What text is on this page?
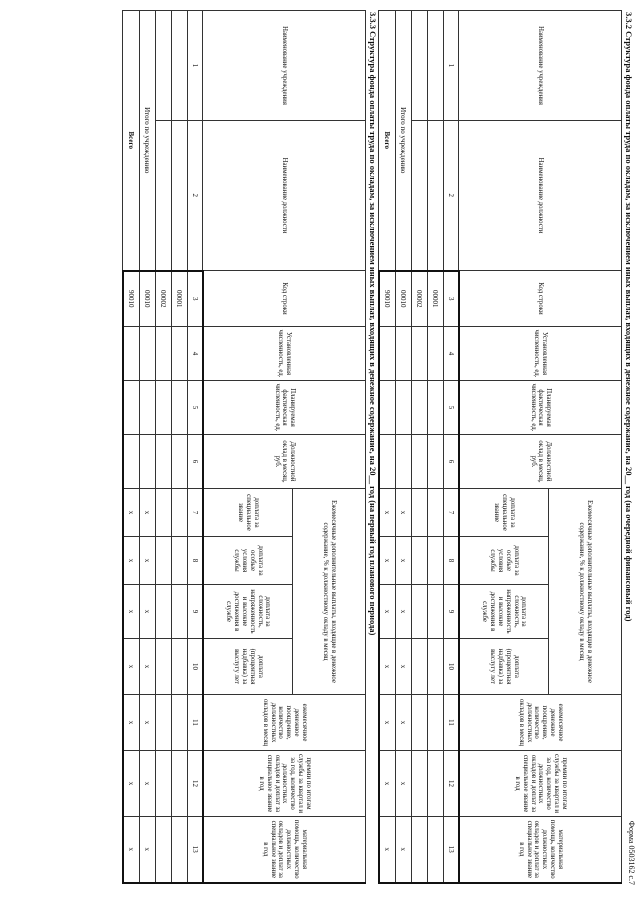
Форма 0503162 с.7
3.3.2 Структура фонда оплаты труда по окладам, за исключением иных выплат, входящих в денежное содержание, на 20__ год (на очередной финансовый год)
Наименование учреждения	Наименование должности	Код строки	Установленная численность, ед.	Планируемая фактическая численность, ед.	Должностной оклад в месяц, руб.	Ежемесячные дополнительные выплаты, входящие в денежное содержание, % к должностному окладу в месяц				ежемесячное денежное поощрение, количество должностных окладов в месяц	премии по итогам службы за квартал и за год, количество должностных окладов и доплат за специальное звание в год	материальная помощь, количество должностных окладов и доплат за специальное звание в год
						доплата за специальное звание	доплата за особые условия службы	доплата за сложность, напряженность и высокие достижения в службе	доплата (процентная надбавка) за выслугу лет			
1	2	3	4	5	6	7	8	9	10	11	12	13
		00001										
		00002										
Итого по учреждению		00010				x	x	x	x	x	x	x
Всего		90010				x	x	x	x	x	x	x
3.3.3 Структура фонда оплаты труда по окладам, за исключением иных выплат, входящих в денежное содержание, на 20__ год (на первый год планового периода)
Наименование учреждения	Наименование должности	Код строки	Установленная численность, ед.	Планируемая фактическая численность, ед.	Должностной оклад в месяц, руб.	Ежемесячные дополнительные выплаты, входящие в денежное содержание, % к должностному окладу в месяц				ежемесячное денежное поощрение, количество должностных окладов в месяц	премии по итогам службы за квартал и за год, количество должностных окладов и доплат за специальное звание в год	материальная помощь, количество должностных окладов и доплат за специальное звание в год
						доплата за специальное звание	доплата за особые условия службы	доплата за сложность, напряженность и высокие достижения в службе	доплата (процентная надбавка) за выслугу лет			
1	2	3	4	5	6	7	8	9	10	11	12	13
		00001										
		00002										
Итого по учреждению		00010				x	x	x	x	x	x	x
Всего		90010				x	x	x	x	x	x	x
